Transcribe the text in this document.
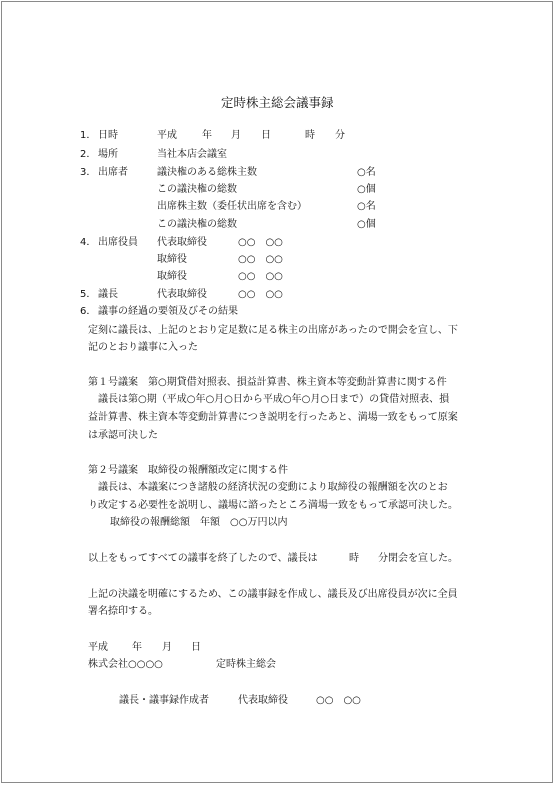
定時株主総会議事録
1． 日時	平成	年 月 日	時 分
2． 場所	当社本店会議室
3． 出席者	議決権のある総株主数	○名
この議決権の総数	○個
出席株主数（委任状出席を含む）	○名
この議決権の総数	○個
4． 出席役員 代表取締役	○○　○○
取締役	○○　○○
取締役	○○　○○
5． 議長	代表取締役	○○　○○
6． 議事の経過の要領及びその結果
定刻に議長は、上記のとおり定足数に足る株主の出席があったので開会を宣し、下
記のとおり議事に入った
第１号議案　第○期貸借対照表、損益計算書、株主資本等変動計算書に関する件
　議長は第○期（平成○年○月○日から平成○年○月○日まで）の貸借対照表、損
益計算書、株主資本等変動計算書につき説明を行ったあと、満場一致をもって原案
は承認可決した
第２号議案　取締役の報酬額改定に関する件
　議長は、本議案につき諸般の経済状況の変動により取締役の報酬額を次のとお
り改定する必要性を説明し、議場に諮ったところ満場一致をもって承認可決した。
取締役の報酬総額　年額　○○万円以内
以上をもってすべての議事を終了したので、議長は	時 分閉会を宣した。
上記の決議を明確にするため、この議事録を作成し、議長及び出席役員が次に全員
署名捺印する。
平成 年 月 日
株式会社○○○○	定時株主総会
議長・議事録作成者	代表取締役	○○　○○
